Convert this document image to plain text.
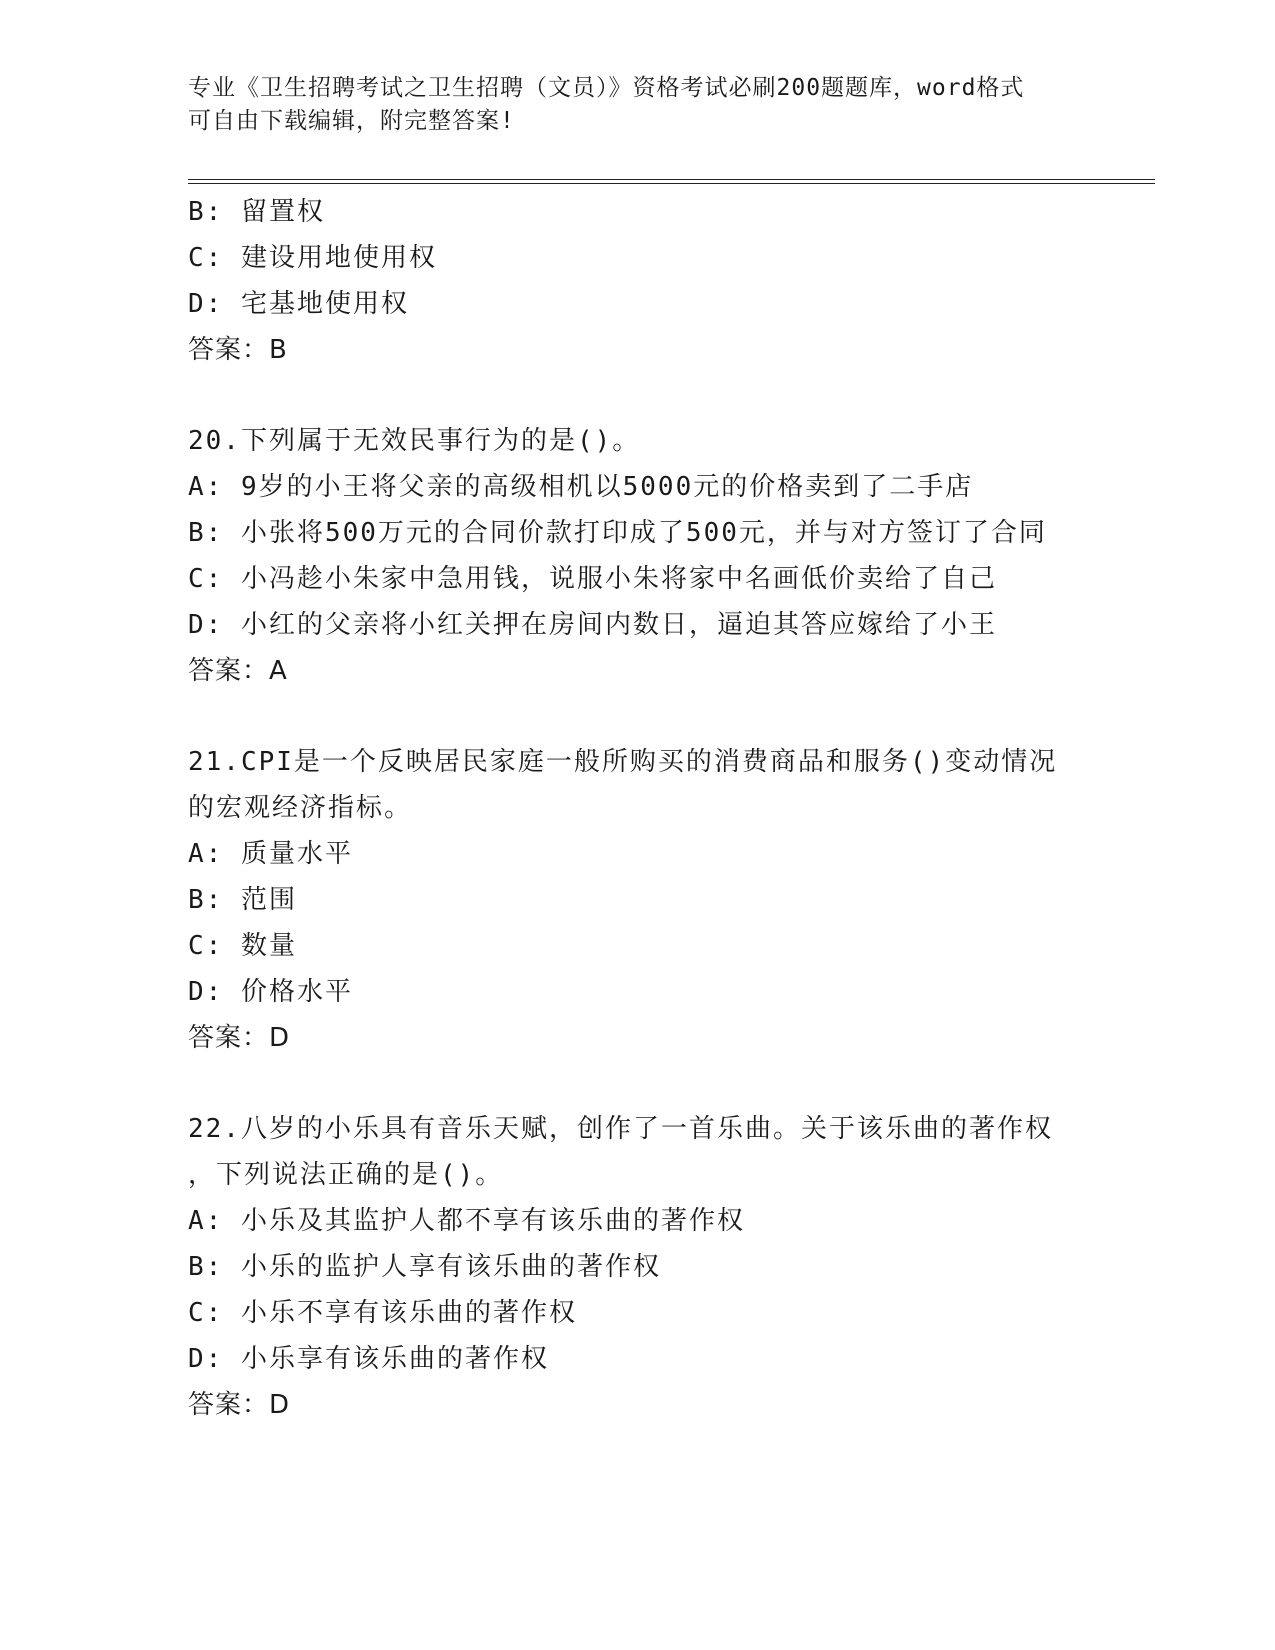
专业《卫生招聘考试之卫生招聘（文员）》资格考试必刷200题题库，word格式
可自由下载编辑，附完整答案!
B: 留置权
C: 建设用地使用权
D: 宅基地使用权
答案：B
20.下列属于无效民事行为的是()。
A: 9岁的小王将父亲的高级相机以5000元的价格卖到了二手店
B: 小张将500万元的合同价款打印成了500元，并与对方签订了合同
C: 小冯趁小朱家中急用钱，说服小朱将家中名画低价卖给了自己
D: 小红的父亲将小红关押在房间内数日，逼迫其答应嫁给了小王
答案：A
21.CPI是一个反映居民家庭一般所购买的消费商品和服务()变动情况
的宏观经济指标。
A: 质量水平
B: 范围
C: 数量
D: 价格水平
答案：D
22.八岁的小乐具有音乐天赋，创作了一首乐曲。关于该乐曲的著作权
，下列说法正确的是()。
A: 小乐及其监护人都不享有该乐曲的著作权
B: 小乐的监护人享有该乐曲的著作权
C: 小乐不享有该乐曲的著作权
D: 小乐享有该乐曲的著作权
答案：D
